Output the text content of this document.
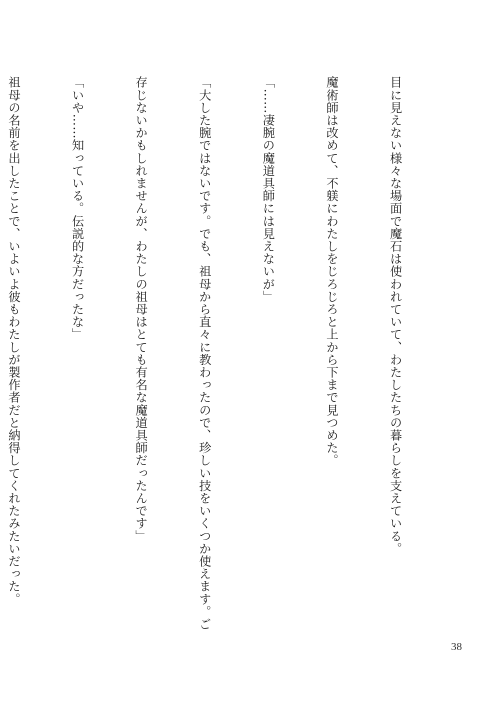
目に見えない様々な場面で魔石は使われていて、わたしたちの暮らしを支えている。

魔術師は改めて、不躾にわたしをじろじろと上から下まで見つめた。

「……凄腕の魔道具師には見えないが」

「大した腕ではないです。でも、祖母から直々に教わったので、珍しい技をいくつか使えます。ご

存じないかもしれませんが、わたしの祖母はとても有名な魔道具師だったんです」

「いや……知っている。伝説的な方だったな」

祖母の名前を出したことで、いよいよ彼もわたしが製作者だと納得してくれたみたいだった。

38
